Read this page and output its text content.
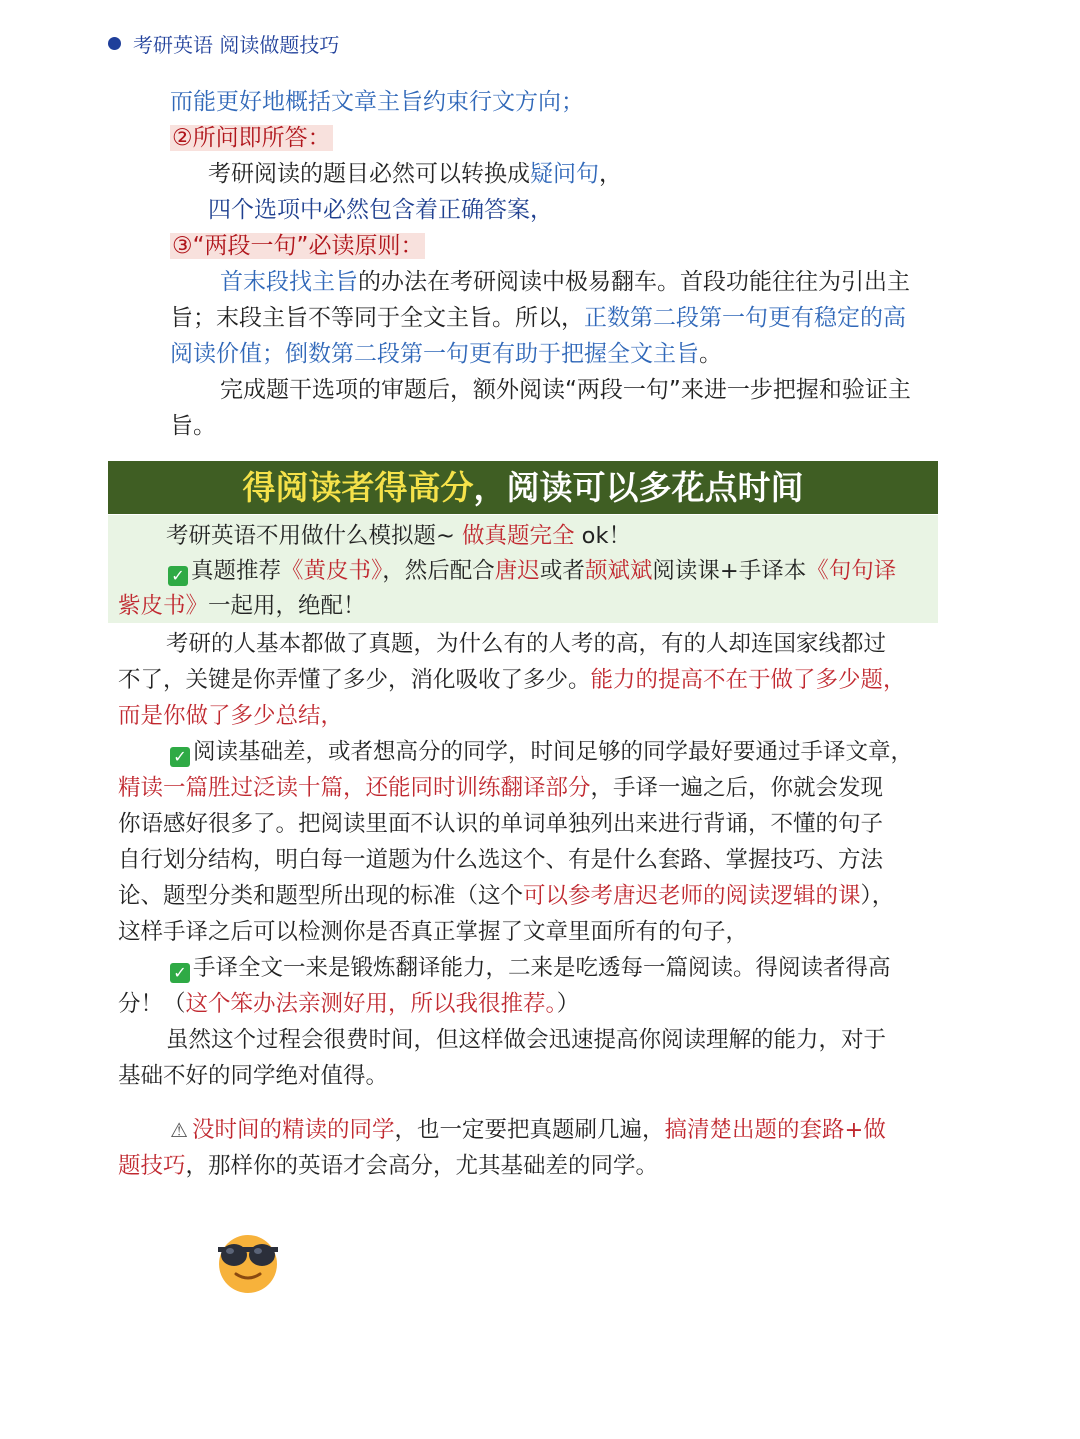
考研英语 阅读做题技巧
而能更好地概括文章主旨约束行文方向；
②所问即所答：
考研阅读的题目必然可以转换成疑问句，
四个选项中必然包含着正确答案，
③“两段一句”必读原则：
首末段找主旨的办法在考研阅读中极易翻车。首段功能往往为引出主
旨；末段主旨不等同于全文主旨。所以，正数第二段第一句更有稳定的高
阅读价值；倒数第二段第一句更有助于把握全文主旨。
完成题干选项的审题后，额外阅读“两段一句”来进一步把握和验证主
旨。
得阅读者得高分 ，阅读可以多花点时间
考研英语不用做什么模拟题~ 做真题完全 ok！
✓ 真题推荐《黄皮书》，然后配合唐迟或者颉斌斌阅读课+手译本《句句译
紫皮书》一起用，绝配！
考研的人基本都做了真题，为什么有的人考的高，有的人却连国家线都过
不了，关键是你弄懂了多少，消化吸收了多少。能力的提高不在于做了多少题，
而是你做了多少总结，
✓ 阅读基础差，或者想高分的同学，时间足够的同学最好要通过手译文章，
精读一篇胜过泛读十篇，还能同时训练翻译部分，手译一遍之后，你就会发现
你语感好很多了。把阅读里面不认识的单词单独列出来进行背诵，不懂的句子
自行划分结构，明白每一道题为什么选这个、有是什么套路、掌握技巧、方法
论、题型分类和题型所出现的标准（这个可以参考唐迟老师的阅读逻辑的课），
这样手译之后可以检测你是否真正掌握了文章里面所有的句子，
✓ 手译全文一来是锻炼翻译能力，二来是吃透每一篇阅读。得阅读者得高
分！（这个笨办法亲测好用，所以我很推荐。）
虽然这个过程会很费时间，但这样做会迅速提高你阅读理解的能力，对于
基础不好的同学绝对值得。
⚠ 没时间的精读的同学，也一定要把真题刷几遍，搞清楚出题的套路+做
题技巧，那样你的英语才会高分，尤其基础差的同学。
